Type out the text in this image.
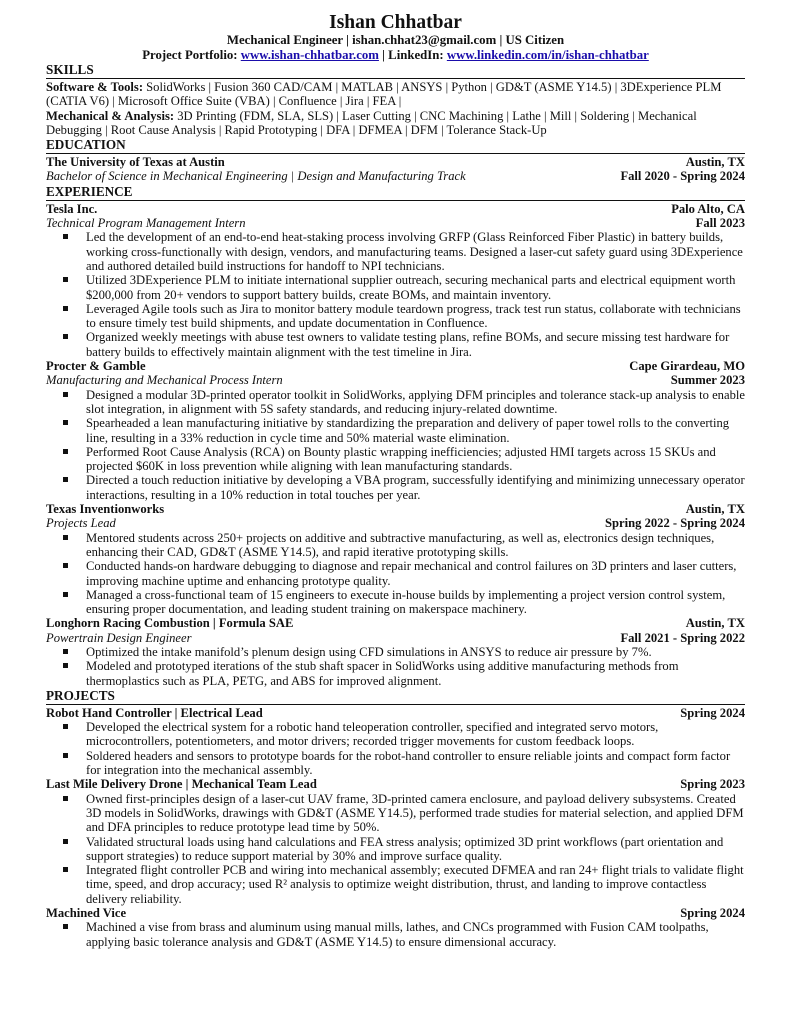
Ishan Chhatbar
Mechanical Engineer | ishan.chhat23@gmail.com | US Citizen
Project Portfolio: www.ishan-chhatbar.com | LinkedIn: www.linkedin.com/in/ishan-chhatbar
SKILLS
Software & Tools: SolidWorks | Fusion 360 CAD/CAM | MATLAB | ANSYS | Python | GD&T (ASME Y14.5) | 3DExperience PLM (CATIA V6) | Microsoft Office Suite (VBA) | Confluence | Jira | FEA |
Mechanical & Analysis: 3D Printing (FDM, SLA, SLS) | Laser Cutting | CNC Machining | Lathe | Mill | Soldering | Mechanical Debugging | Root Cause Analysis | Rapid Prototyping | DFA | DFMEA | DFM | Tolerance Stack-Up
EDUCATION
The University of Texas at Austin	Austin, TX
Bachelor of Science in Mechanical Engineering | Design and Manufacturing Track	Fall 2020 - Spring 2024
EXPERIENCE
Tesla Inc.	Palo Alto, CA
Technical Program Management Intern	Fall 2023
Led the development of an end-to-end heat-staking process involving GRFP (Glass Reinforced Fiber Plastic) in battery builds, working cross-functionally with design, vendors, and manufacturing teams. Designed a laser-cut safety guard using 3DExperience and authored detailed build instructions for handoff to NPI technicians.
Utilized 3DExperience PLM to initiate international supplier outreach, securing mechanical parts and electrical equipment worth $200,000 from 20+ vendors to support battery builds, create BOMs, and maintain inventory.
Leveraged Agile tools such as Jira to monitor battery module teardown progress, track test run status, collaborate with technicians to ensure timely test build shipments, and update documentation in Confluence.
Organized weekly meetings with abuse test owners to validate testing plans, refine BOMs, and secure missing test hardware for battery builds to effectively maintain alignment with the test timeline in Jira.
Procter & Gamble	Cape Girardeau, MO
Manufacturing and Mechanical Process Intern	Summer 2023
Designed a modular 3D-printed operator toolkit in SolidWorks, applying DFM principles and tolerance stack-up analysis to enable slot integration, in alignment with 5S safety standards, and reducing injury-related downtime.
Spearheaded a lean manufacturing initiative by standardizing the preparation and delivery of paper towel rolls to the converting line, resulting in a 33% reduction in cycle time and 50% material waste elimination.
Performed Root Cause Analysis (RCA) on Bounty plastic wrapping inefficiencies; adjusted HMI targets across 15 SKUs and projected $60K in loss prevention while aligning with lean manufacturing standards.
Directed a touch reduction initiative by developing a VBA program, successfully identifying and minimizing unnecessary operator interactions, resulting in a 10% reduction in total touches per year.
Texas Inventionworks	Austin, TX
Projects Lead	Spring 2022 - Spring 2024
Mentored students across 250+ projects on additive and subtractive manufacturing, as well as, electronics design techniques, enhancing their CAD, GD&T (ASME Y14.5), and rapid iterative prototyping skills.
Conducted hands-on hardware debugging to diagnose and repair mechanical and control failures on 3D printers and laser cutters, improving machine uptime and enhancing prototype quality.
Managed a cross-functional team of 15 engineers to execute in-house builds by implementing a project version control system, ensuring proper documentation, and leading student training on makerspace machinery.
Longhorn Racing Combustion | Formula SAE	Austin, TX
Powertrain Design Engineer	Fall 2021 - Spring 2022
Optimized the intake manifold’s plenum design using CFD simulations in ANSYS to reduce air pressure by 7%.
Modeled and prototyped iterations of the stub shaft spacer in SolidWorks using additive manufacturing methods from thermoplastics such as PLA, PETG, and ABS for improved alignment.
PROJECTS
Robot Hand Controller | Electrical Lead	Spring 2024
Developed the electrical system for a robotic hand teleoperation controller, specified and integrated servo motors, microcontrollers, potentiometers, and motor drivers; recorded trigger movements for custom feedback loops.
Soldered headers and sensors to prototype boards for the robot-hand controller to ensure reliable joints and compact form factor for integration into the mechanical assembly.
Last Mile Delivery Drone | Mechanical Team Lead	Spring 2023
Owned first-principles design of a laser-cut UAV frame, 3D-printed camera enclosure, and payload delivery subsystems. Created 3D models in SolidWorks, drawings with GD&T (ASME Y14.5), performed trade studies for material selection, and applied DFM and DFA principles to reduce prototype lead time by 50%.
Validated structural loads using hand calculations and FEA stress analysis; optimized 3D print workflows (part orientation and support strategies) to reduce support material by 30% and improve surface quality.
Integrated flight controller PCB and wiring into mechanical assembly; executed DFMEA and ran 24+ flight trials to validate flight time, speed, and drop accuracy; used R² analysis to optimize weight distribution, thrust, and landing to improve contactless delivery reliability.
Machined Vice	Spring 2024
Machined a vise from brass and aluminum using manual mills, lathes, and CNCs programmed with Fusion CAM toolpaths, applying basic tolerance analysis and GD&T (ASME Y14.5) to ensure dimensional accuracy.
